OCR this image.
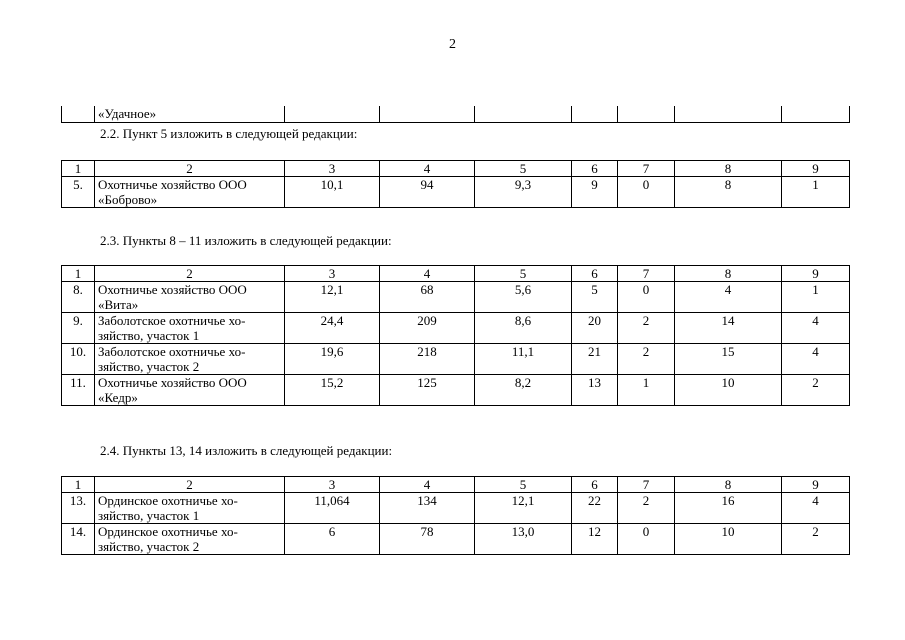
2
	«Удачное»							
2.2. Пункт 5 изложить в следующей редакции:
1	2	3	4	5	6	7	8	9
5.	Охотничье хозяйство ООО
«Боброво»	10,1	94	9,3	9	0	8	1
2.3. Пункты 8 – 11 изложить в следующей редакции:
1	2	3	4	5	6	7	8	9
8.	Охотничье хозяйство ООО
«Вита»	12,1	68	5,6	5	0	4	1
9.	Заболотское охотничье хо-
зяйство, участок 1	24,4	209	8,6	20	2	14	4
10.	Заболотское охотничье хо-
зяйство, участок 2	19,6	218	11,1	21	2	15	4
11.	Охотничье хозяйство ООО
«Кедр»	15,2	125	8,2	13	1	10	2
2.4. Пункты 13, 14 изложить в следующей редакции:
1	2	3	4	5	6	7	8	9
13.	Ординское охотничье хо-
зяйство, участок 1	11,064	134	12,1	22	2	16	4
14.	Ординское охотничье хо-
зяйство, участок 2	6	78	13,0	12	0	10	2
